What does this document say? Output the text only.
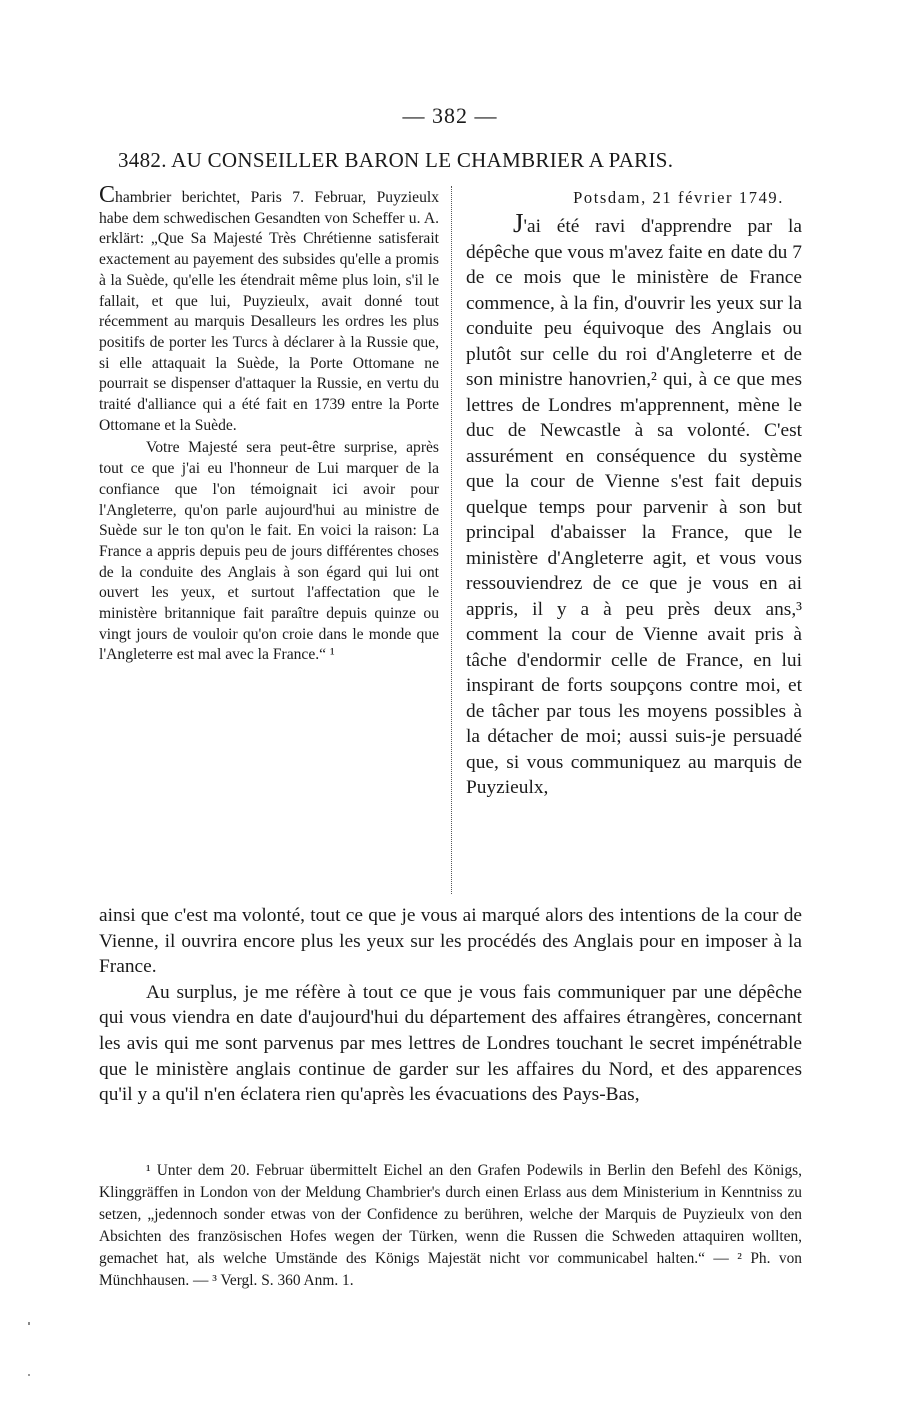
— 382 —
3482. AU CONSEILLER BARON LE CHAMBRIER A PARIS.

Chambrier berichtet, Paris 7. Februar, Puyzieulx habe dem schwedischen Gesandten von Scheffer u. A. erklärt: „Que Sa Majesté Très Chrétienne satisferait exactement au payement des subsides qu'elle a promis à la Suède, qu'elle les étendrait même plus loin, s'il le fallait, et que lui, Puyzieulx, avait donné tout récemment au marquis Desalleurs les ordres les plus positifs de porter les Turcs à déclarer à la Russie que, si elle attaquait la Suède, la Porte Ottomane ne pourrait se dispenser d'attaquer la Russie, en vertu du traité d'alliance qui a été fait en 1739 entre la Porte Ottomane et la Suède.

Votre Majesté sera peut-être surprise, après tout ce que j'ai eu l'honneur de Lui marquer de la confiance que l'on témoignait ici avoir pour l'Angleterre, qu'on parle aujourd'hui au ministre de Suède sur le ton qu'on le fait. En voici la raison: La France a appris depuis peu de jours différentes choses de la conduite des Anglais à son égard qui lui ont ouvert les yeux, et surtout l'affectation que le ministère britannique fait paraître depuis quinze ou vingt jours de vouloir qu'on croie dans le monde que l'Angleterre est mal avec la France.“ ¹

Potsdam, 21 février 1749.

J'ai été ravi d'apprendre par la dépêche que vous m'avez faite en date du 7 de ce mois que le ministère de France commence, à la fin, d'ouvrir les yeux sur la conduite peu équivoque des Anglais ou plutôt sur celle du roi d'Angleterre et de son ministre hanovrien,² qui, à ce que mes lettres de Londres m'apprennent, mène le duc de Newcastle à sa volonté. C'est assurément en conséquence du système que la cour de Vienne s'est fait depuis quelque temps pour parvenir à son but principal d'abaisser la France, que le ministère d'Angleterre agit, et vous vous ressouviendrez de ce que je vous en ai appris, il y a à peu près deux ans,³ comment la cour de Vienne avait pris à tâche d'endormir celle de France, en lui inspirant de forts soupçons contre moi, et de tâcher par tous les moyens possibles à la détacher de moi; aussi suis-je persuadé que, si vous communiquez au marquis de Puyzieulx,

ainsi que c'est ma volonté, tout ce que je vous ai marqué alors des intentions de la cour de Vienne, il ouvrira encore plus les yeux sur les procédés des Anglais pour en imposer à la France.

Au surplus, je me réfère à tout ce que je vous fais communiquer par une dépêche qui vous viendra en date d'aujourd'hui du département des affaires étrangères, concernant les avis qui me sont parvenus par mes lettres de Londres touchant le secret impénétrable que le ministère anglais continue de garder sur les affaires du Nord, et des apparences qu'il y a qu'il n'en éclatera rien qu'après les évacuations des Pays-Bas,

¹ Unter dem 20. Februar übermittelt Eichel an den Grafen Podewils in Berlin den Befehl des Königs, Klinggräffen in London von der Meldung Chambrier's durch einen Erlass aus dem Ministerium in Kenntniss zu setzen, „jedennoch sonder etwas von der Confidence zu berühren, welche der Marquis de Puyzieulx von den Absichten des französischen Hofes wegen der Türken, wenn die Russen die Schweden attaquiren wollten, gemachet hat, als welche Umstände des Königs Majestät nicht vor communicabel halten.“ — ² Ph. von Münchhausen. — ³ Vergl. S. 360 Anm. 1.
